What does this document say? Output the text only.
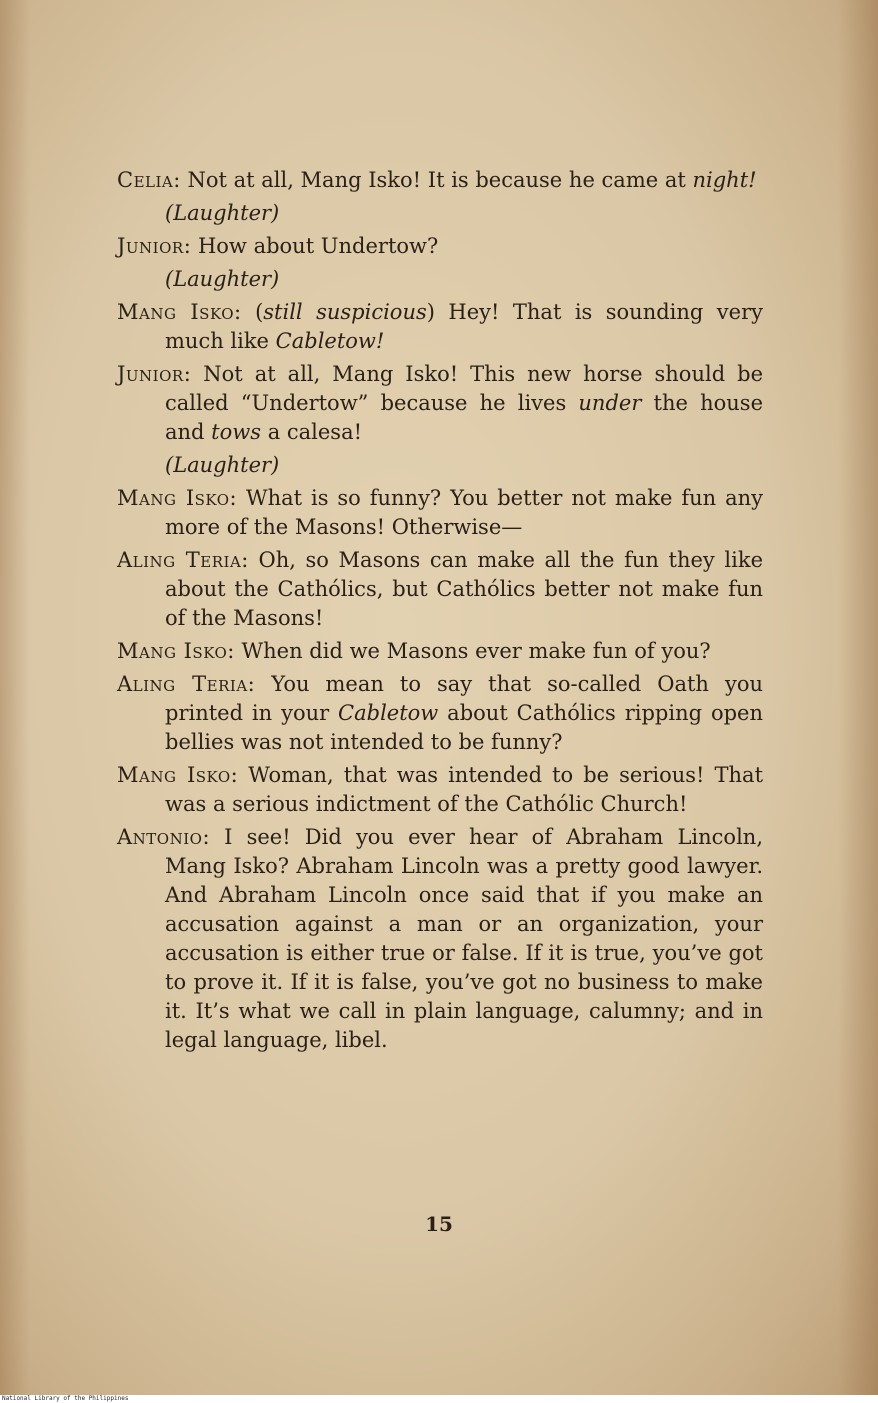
Celia: Not at all, Mang Isko! It is because he came at night!

(Laughter)

Junior: How about Undertow?

(Laughter)

Mang Isko: (still suspicious) Hey! That is sounding very much like Cabletow!

Junior: Not at all, Mang Isko! This new horse should be called “Undertow” because he lives under the house and tows a calesa!

(Laughter)

Mang Isko: What is so funny? You better not make fun any more of the Masons! Otherwise—

Aling Teria: Oh, so Masons can make all the fun they like about the Cathólics, but Cathólics better not make fun of the Masons!

Mang Isko: When did we Masons ever make fun of you?

Aling Teria: You mean to say that so-called Oath you printed in your Cabletow about Cathólics ripping open bellies was not intended to be funny?

Mang Isko: Woman, that was intended to be serious! That was a serious indictment of the Cathólic Church!

Antonio: I see! Did you ever hear of Abraham Lincoln, Mang Isko? Abraham Lincoln was a pretty good lawyer. And Abraham Lincoln once said that if you make an accusation against a man or an organization, your accusation is either true or false. If it is true, you’ve got to prove it. If it is false, you’ve got no business to make it. It’s what we call in plain language, calumny; and in legal language, libel.

15
National Library of the Philippines
